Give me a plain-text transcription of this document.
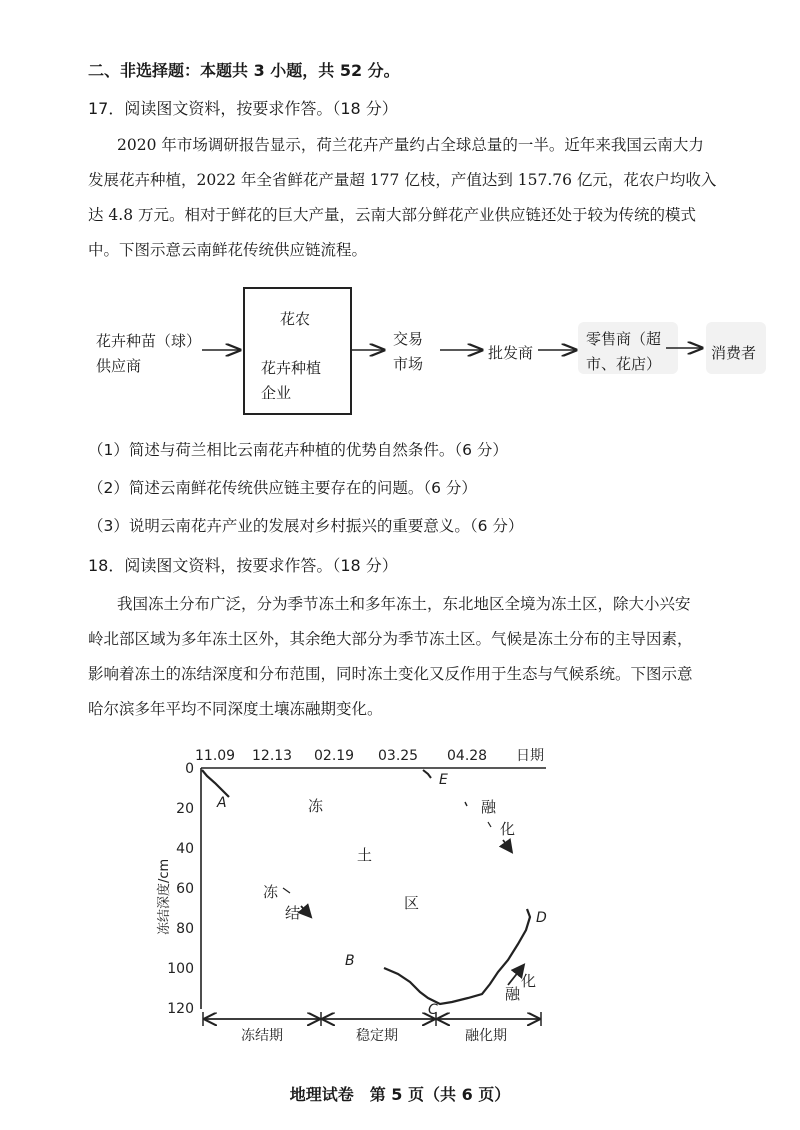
二、非选择题：本题共 3 小题，共 52 分。
17．阅读图文资料，按要求作答。（18 分）
2020 年市场调研报告显示，荷兰花卉产量约占全球总量的一半。近年来我国云南大力
发展花卉种植，2022 年全省鲜花产量超 177 亿枝，产值达到 157.76 亿元，花农户均收入
达 4.8 万元。相对于鲜花的巨大产量，云南大部分鲜花产业供应链还处于较为传统的模式
中。下图示意云南鲜花传统供应链流程。
花卉种苗（球）
供应商
花农
花卉种植
企业
交易
市场
批发商
零售商（超
市、花店）
消费者
（1）简述与荷兰相比云南花卉种植的优势自然条件。（6 分）
（2）简述云南鲜花传统供应链主要存在的问题。（6 分）
（3）说明云南花卉产业的发展对乡村振兴的重要意义。（6 分）
18．阅读图文资料，按要求作答。（18 分）
我国冻土分布广泛，分为季节冻土和多年冻土，东北地区全境为冻土区，除大小兴安
岭北部区域为多年冻土区外，其余绝大部分为季节冻土区。气候是冻土分布的主导因素，
影响着冻土的冻结深度和分布范围，同时冻土变化又反作用于生态与气候系统。下图示意
哈尔滨多年平均不同深度土壤冻融期变化。
11.09 12.13 02.19 03.25 04.28 日期
0
20
40
60
80
100
120
冻结深度/cm
A
B
C
D
E
冻
土
区
冻
结
融
化
化
融
冻结期	稳定期	融化期
地理试卷　第 5 页（共 6 页）
